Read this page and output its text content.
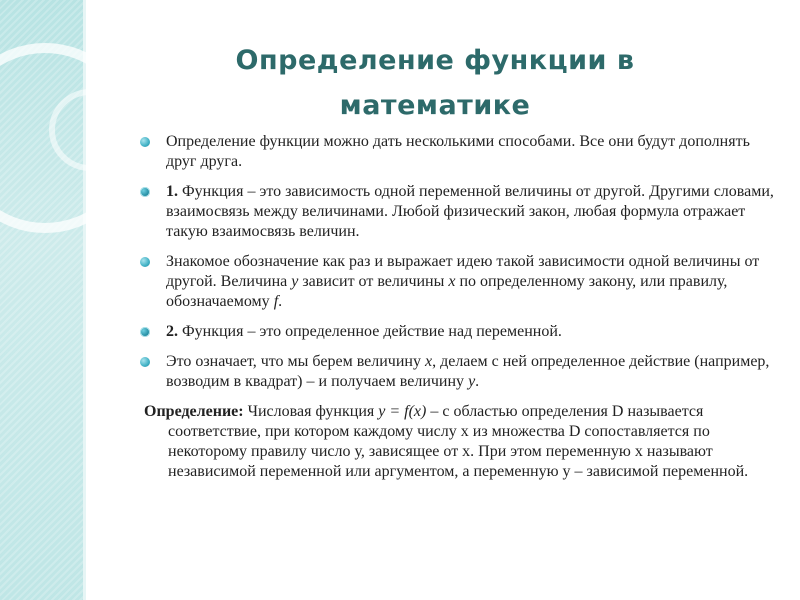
Определение функции в
математике
Определение функции можно дать несколькими способами. Все они будут дополнять друг друга.
1. Функция – это зависимость одной переменной величины от другой. Другими словами, взаимосвязь между величинами. Любой физический закон, любая формула отражает такую взаимосвязь величин.
Знакомое обозначение как раз и выражает идею такой зависимости одной величины от другой. Величина y зависит от величины x по определенному закону, или правилу, обозначаемому f.
2. Функция – это определенное действие над переменной.
Это означает, что мы берем величину x, делаем с ней определенное действие (например, возводим в квадрат) – и получаем величину y.
Определение: Числовая функция y = f(x) – с областью определения D называется соответствие, при котором каждому числу х из множества D сопоставляется по некоторому правилу число у, зависящее от х. При этом переменную х называют независимой переменной или аргументом, а переменную у – зависимой переменной.
